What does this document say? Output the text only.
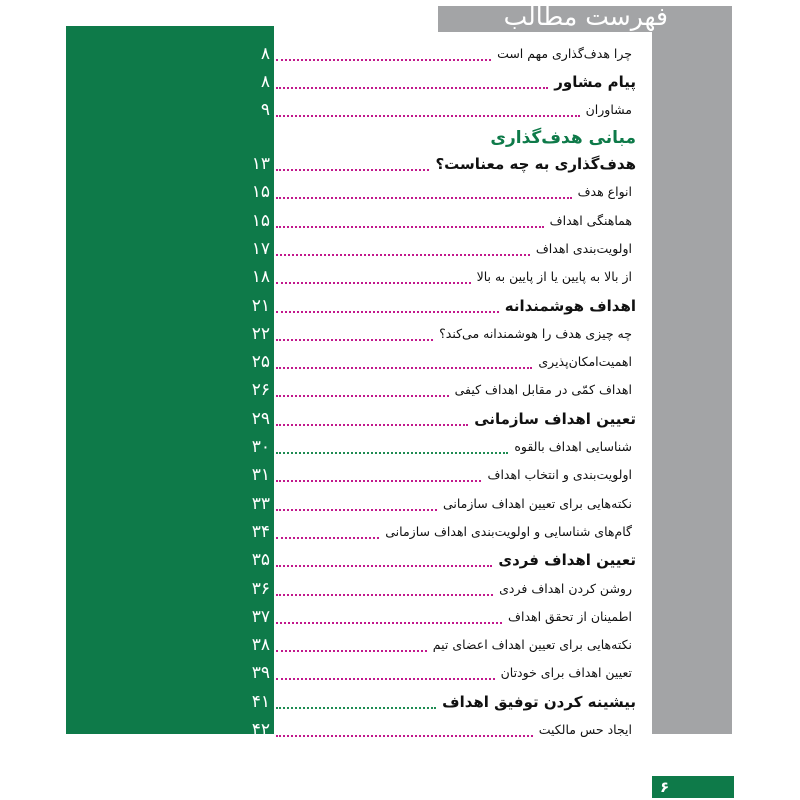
فهرست مطالب
مبانی هدف‌گذاری
۸	چرا هدف‌گذاری مهم است
۸	پیام مشاور
۹	مشاوران
۱۳	هدف‌گذاری به چه معناست؟
۱۵	انواع هدف
۱۵	هماهنگی اهداف
۱۷	اولویت‌بندی اهداف
۱۸	از بالا به پایین یا از پایین به بالا
۲۱	اهداف هوشمندانه
۲۲	چه چیزی هدف را هوشمندانه می‌کند؟
۲۵	اهمیت‌امکان‌پذیری
۲۶	اهداف کمّی در مقابل اهداف کیفی
۲۹	تعیین اهداف سازمانی
۳۰	شناسایی اهداف بالقوه
۳۱	اولویت‌بندی و انتخاب اهداف
۳۳	نکته‌هایی برای تعیین اهداف سازمانی
۳۴	گام‌های شناسایی و اولویت‌بندی اهداف سازمانی
۳۵	تعیین اهداف فردی
۳۶	روشن کردن اهداف فردی
۳۷	اطمینان از تحقق اهداف
۳۸	نکته‌هایی برای تعیین اهداف اعضای تیم
۳۹	تعیین اهداف برای خودتان
۴۱	بیشینه کردن توفیق اهداف
۴۲	ایجاد حس مالکیت
۶
